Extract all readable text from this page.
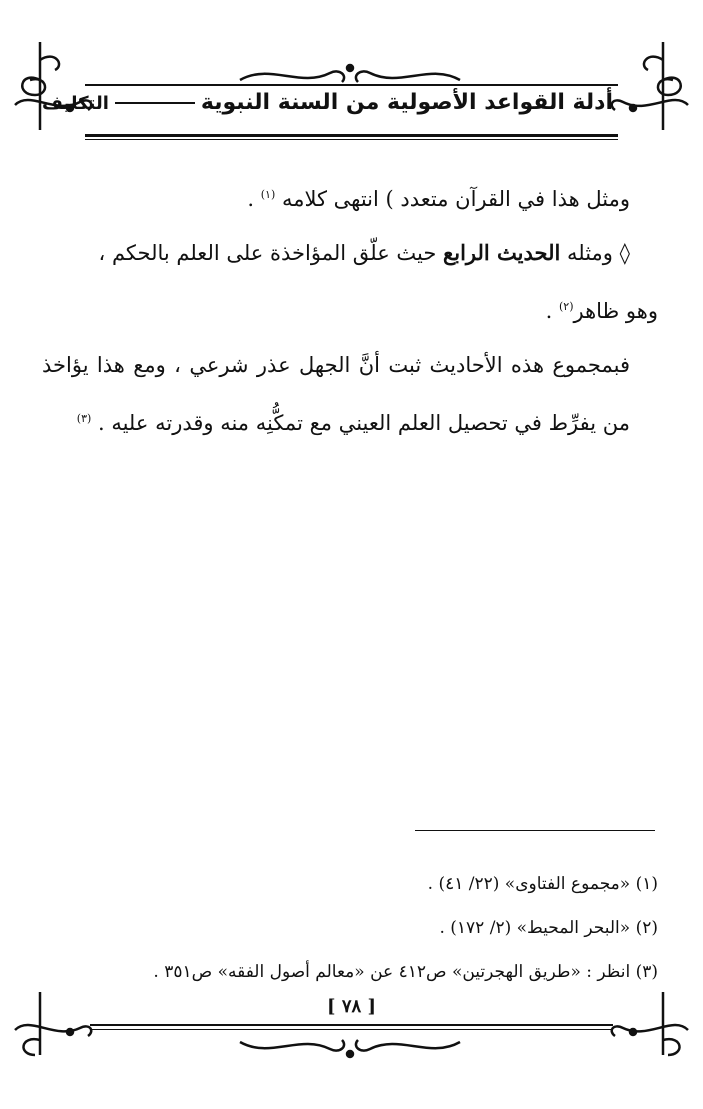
أدلة القواعد الأصولية من السنة النبويةالتكليف

ومثل هذا في القرآن متعدد ) انتهى كلامه $^{(١)}$ .

◊ ومثله الحديث الرابع حيث علّق المؤاخذة على العلم بالحكم ،

وهو ظاهر$^{(٢)}$ .

فبمجموع هذه الأحاديث ثبت أنَّ الجهل عذر شرعي ، ومع هذا يؤاخذ من يفرِّط في تحصيل العلم العيني مع تمكُّنِه منه وقدرته عليه . $^{(٣)}$

(١) «مجموع الفتاوى» (٢٢/ ٤١) .

(٢) «البحر المحيط» (٢/ ١٧٢) .

(٣) انظر : «طريق الهجرتين» ص٤١٢ عن «معالم أصول الفقه» ص٣٥١ .

[ ٧٨ ]
